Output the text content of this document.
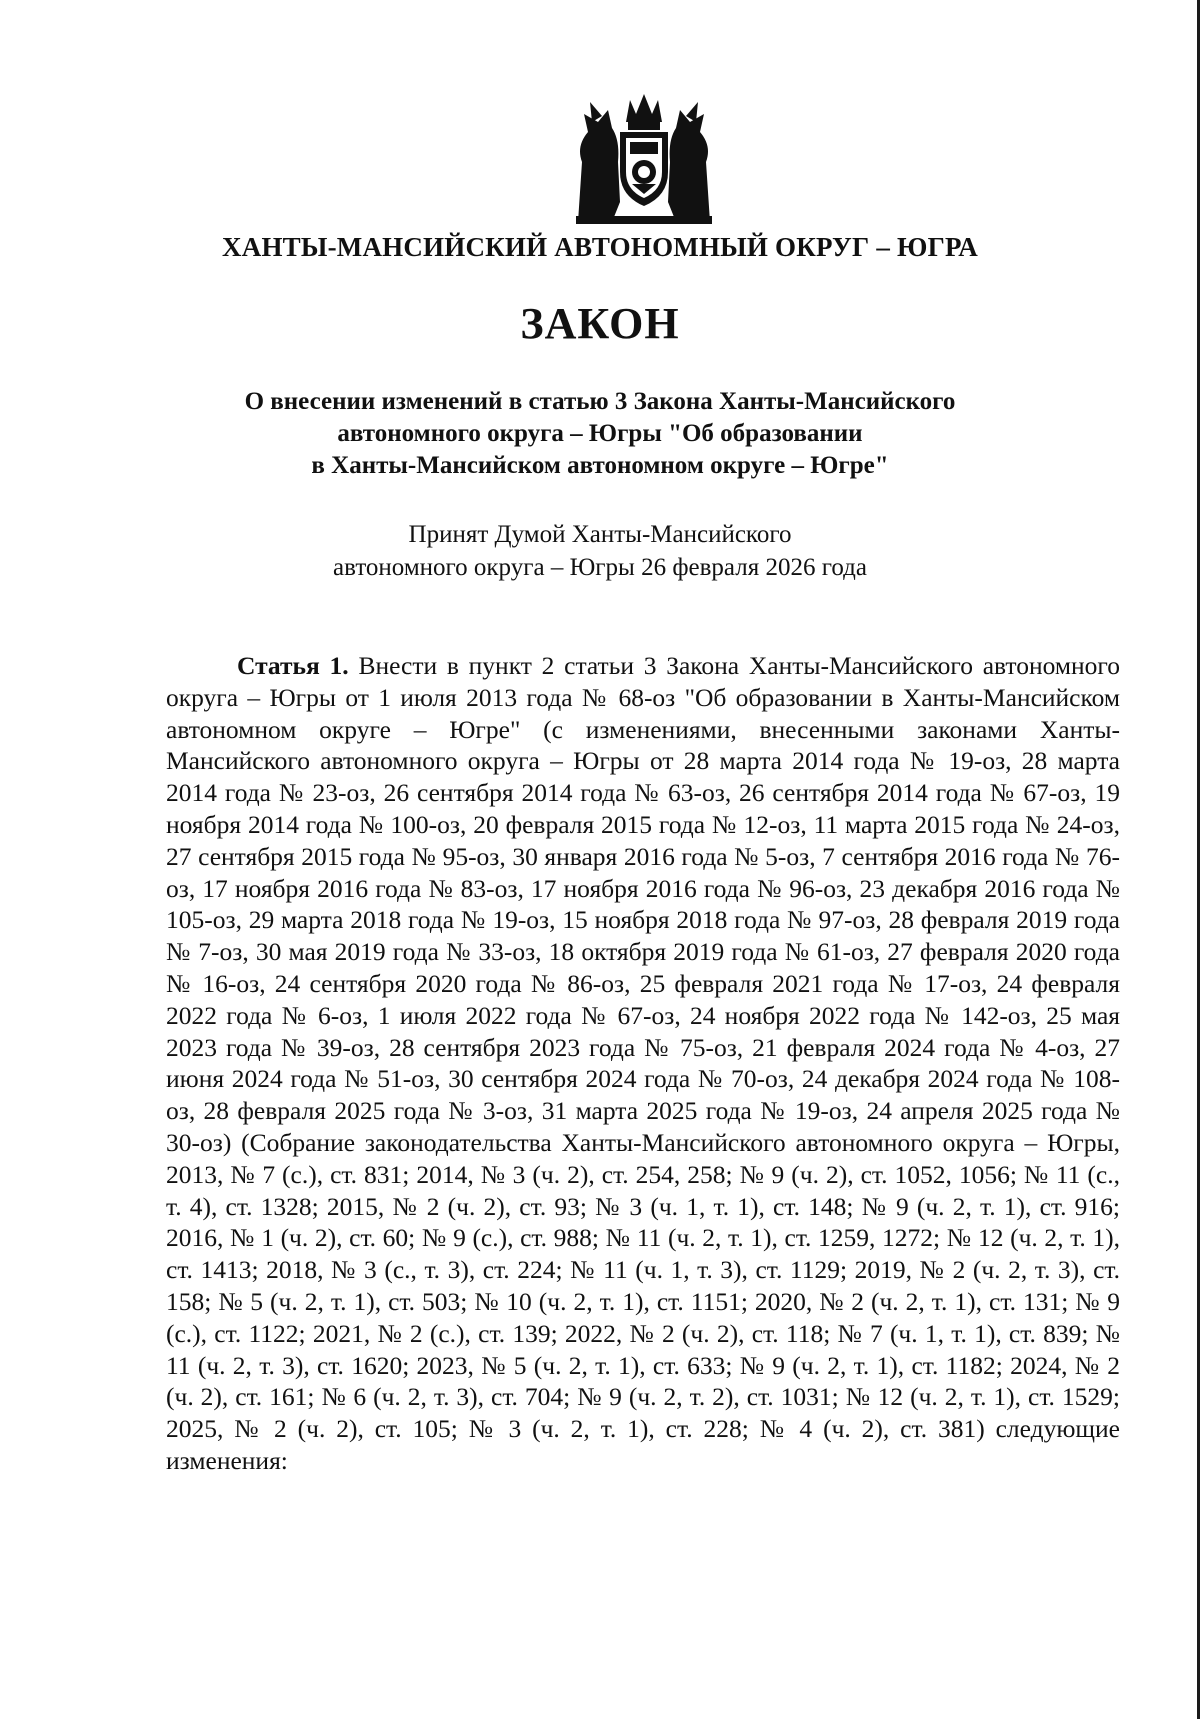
ХАНТЫ-МАНСИЙСКИЙ АВТОНОМНЫЙ ОКРУГ – ЮГРА
ЗАКОН
О внесении изменений в статью 3 Закона Ханты-Мансийского
автономного округа – Югры "Об образовании
в Ханты-Мансийском автономном округе – Югре"
Принят Думой Ханты-Мансийского
автономного округа – Югры 26 февраля 2026 года
Статья 1. Внести в пункт 2 статьи 3 Закона Ханты-Мансийского автономного округа – Югры от 1 июля 2013 года № 68-оз "Об образовании в Ханты-Мансийском автономном округе – Югре" (с изменениями, внесенными законами Ханты-Мансийского автономного округа – Югры от 28 марта 2014 года № 19-оз, 28 марта 2014 года № 23-оз, 26 сентября 2014 года № 63-оз, 26 сентября 2014 года № 67-оз, 19 ноября 2014 года № 100-оз, 20 февраля 2015 года № 12-оз, 11 марта 2015 года № 24-оз, 27 сентября 2015 года № 95-оз, 30 января 2016 года № 5-оз, 7 сентября 2016 года № 76-оз, 17 ноября 2016 года № 83-оз, 17 ноября 2016 года № 96-оз, 23 декабря 2016 года № 105-оз, 29 марта 2018 года № 19-оз, 15 ноября 2018 года № 97-оз, 28 февраля 2019 года № 7-оз, 30 мая 2019 года № 33-оз, 18 октября 2019 года № 61-оз, 27 февраля 2020 года № 16-оз, 24 сентября 2020 года № 86-оз, 25 февраля 2021 года № 17-оз, 24 февраля 2022 года № 6-оз, 1 июля 2022 года № 67-оз, 24 ноября 2022 года № 142-оз, 25 мая 2023 года № 39-оз, 28 сентября 2023 года № 75-оз, 21 февраля 2024 года № 4-оз, 27 июня 2024 года № 51-оз, 30 сентября 2024 года № 70-оз, 24 декабря 2024 года № 108-оз, 28 февраля 2025 года № 3-оз, 31 марта 2025 года № 19-оз, 24 апреля 2025 года № 30-оз) (Собрание законодательства Ханты-Мансийского автономного округа – Югры, 2013, № 7 (с.), ст. 831; 2014, № 3 (ч. 2), ст. 254, 258; № 9 (ч. 2), ст. 1052, 1056; № 11 (с., т. 4), ст. 1328; 2015, № 2 (ч. 2), ст. 93; № 3 (ч. 1, т. 1), ст. 148; № 9 (ч. 2, т. 1), ст. 916; 2016, № 1 (ч. 2), ст. 60; № 9 (с.), ст. 988; № 11 (ч. 2, т. 1), ст. 1259, 1272; № 12 (ч. 2, т. 1), ст. 1413; 2018, № 3 (с., т. 3), ст. 224; № 11 (ч. 1, т. 3), ст. 1129; 2019, № 2 (ч. 2, т. 3), ст. 158; № 5 (ч. 2, т. 1), ст. 503; № 10 (ч. 2, т. 1), ст. 1151; 2020, № 2 (ч. 2, т. 1), ст. 131; № 9 (с.), ст. 1122; 2021, № 2 (с.), ст. 139; 2022, № 2 (ч. 2), ст. 118; № 7 (ч. 1, т. 1), ст. 839; № 11 (ч. 2, т. 3), ст. 1620; 2023, № 5 (ч. 2, т. 1), ст. 633; № 9 (ч. 2, т. 1), ст. 1182; 2024, № 2 (ч. 2), ст. 161; № 6 (ч. 2, т. 3), ст. 704; № 9 (ч. 2, т. 2), ст. 1031; № 12 (ч. 2, т. 1), ст. 1529; 2025, № 2 (ч. 2), ст. 105; № 3 (ч. 2, т. 1), ст. 228; № 4 (ч. 2), ст. 381) следующие изменения:
